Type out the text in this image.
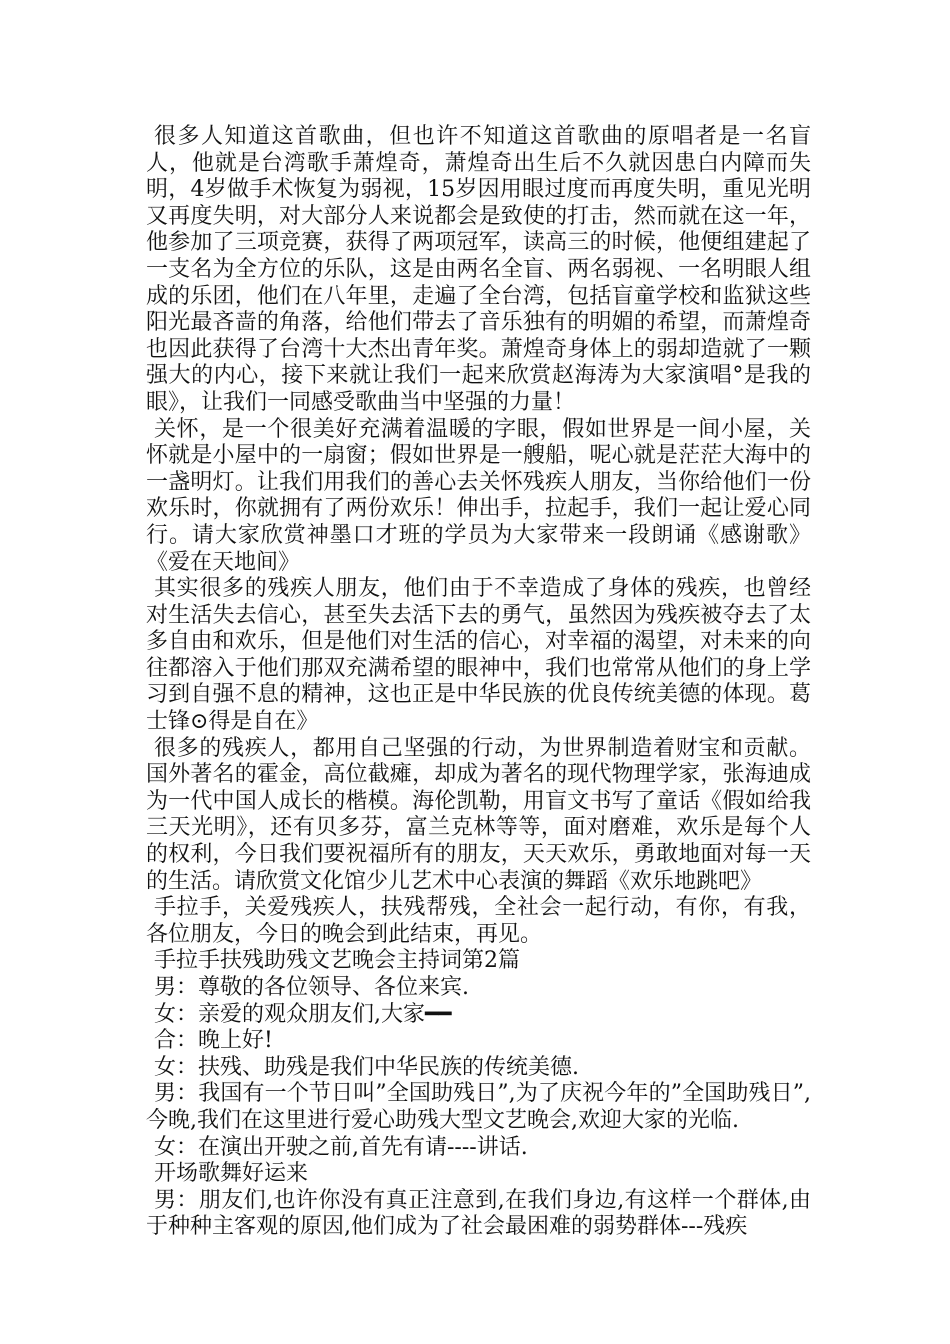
很多人知道这首歌曲，但也许不知道这首歌曲的原唱者是一名盲人，他就是台湾歌手萧煌奇，萧煌奇出生后不久就因患白内障而失明，4岁做手术恢复为弱视，15岁因用眼过度而再度失明，重见光明又再度失明，对大部分人来说都会是致使的打击，然而就在这一年，他参加了三项竞赛，获得了两项冠军，读高三的时候，他便组建起了一支名为全方位的乐队，这是由两名全盲、两名弱视、一名明眼人组成的乐团，他们在八年里，走遍了全台湾，包括盲童学校和监狱这些阳光最吝啬的角落，给他们带去了音乐独有的明媚的希望，而萧煌奇也因此获得了台湾十大杰出青年奖。萧煌奇身体上的弱却造就了一颗强大的内心，接下来就让我们一起来欣赏赵海涛为大家演唱°是我的眼》，让我们一同感受歌曲当中坚强的力量！

关怀，是一个很美好充满着温暖的字眼，假如世界是一间小屋，关怀就是小屋中的一扇窗；假如世界是一艘船，呢心就是茫茫大海中的一盏明灯。让我们用我们的善心去关怀残疾人朋友，当你给他们一份欢乐时，你就拥有了两份欢乐！伸出手，拉起手，我们一起让爱心同行。请大家欣赏神墨口才班的学员为大家带来一段朗诵《感谢歌》《爱在天地间》

其实很多的残疾人朋友，他们由于不幸造成了身体的残疾，也曾经对生活失去信心，甚至失去活下去的勇气，虽然因为残疾被夺去了太多自由和欢乐，但是他们对生活的信心，对幸福的渴望，对未来的向往都溶入于他们那双充满希望的眼神中，我们也常常从他们的身上学习到自强不息的精神，这也正是中华民族的优良传统美德的体现。葛士锋⊙得是自在》

很多的残疾人，都用自己坚强的行动，为世界制造着财宝和贡献。国外著名的霍金，高位截瘫，却成为著名的现代物理学家，张海迪成为一代中国人成长的楷模。海伦凯勒，用盲文书写了童话《假如给我三天光明》，还有贝多芬，富兰克林等等，面对磨难，欢乐是每个人的权利，今日我们要祝福所有的朋友，天天欢乐，勇敢地面对每一天的生活。请欣赏文化馆少儿艺术中心表演的舞蹈《欢乐地跳吧》

手拉手，关爱残疾人，扶残帮残，全社会一起行动，有你，有我，各位朋友，今日的晚会到此结束，再见。

手拉手扶残助残文艺晚会主持词第2篇

男：尊敬的各位领导、各位来宾.

女：亲爱的观众朋友们,大家━━

合：晚上好!

女：扶残、助残是我们中华民族的传统美德.

男：我国有一个节日叫”全国助残日”,为了庆祝今年的”全国助残日”,今晚,我们在这里进行爱心助残大型文艺晚会,欢迎大家的光临.

女：在演出开驶之前,首先有请----讲话.

开场歌舞好运来

男：朋友们,也许你没有真正注意到,在我们身边,有这样一个群体,由于种种主客观的原因,他们成为了社会最困难的弱势群体---残疾
